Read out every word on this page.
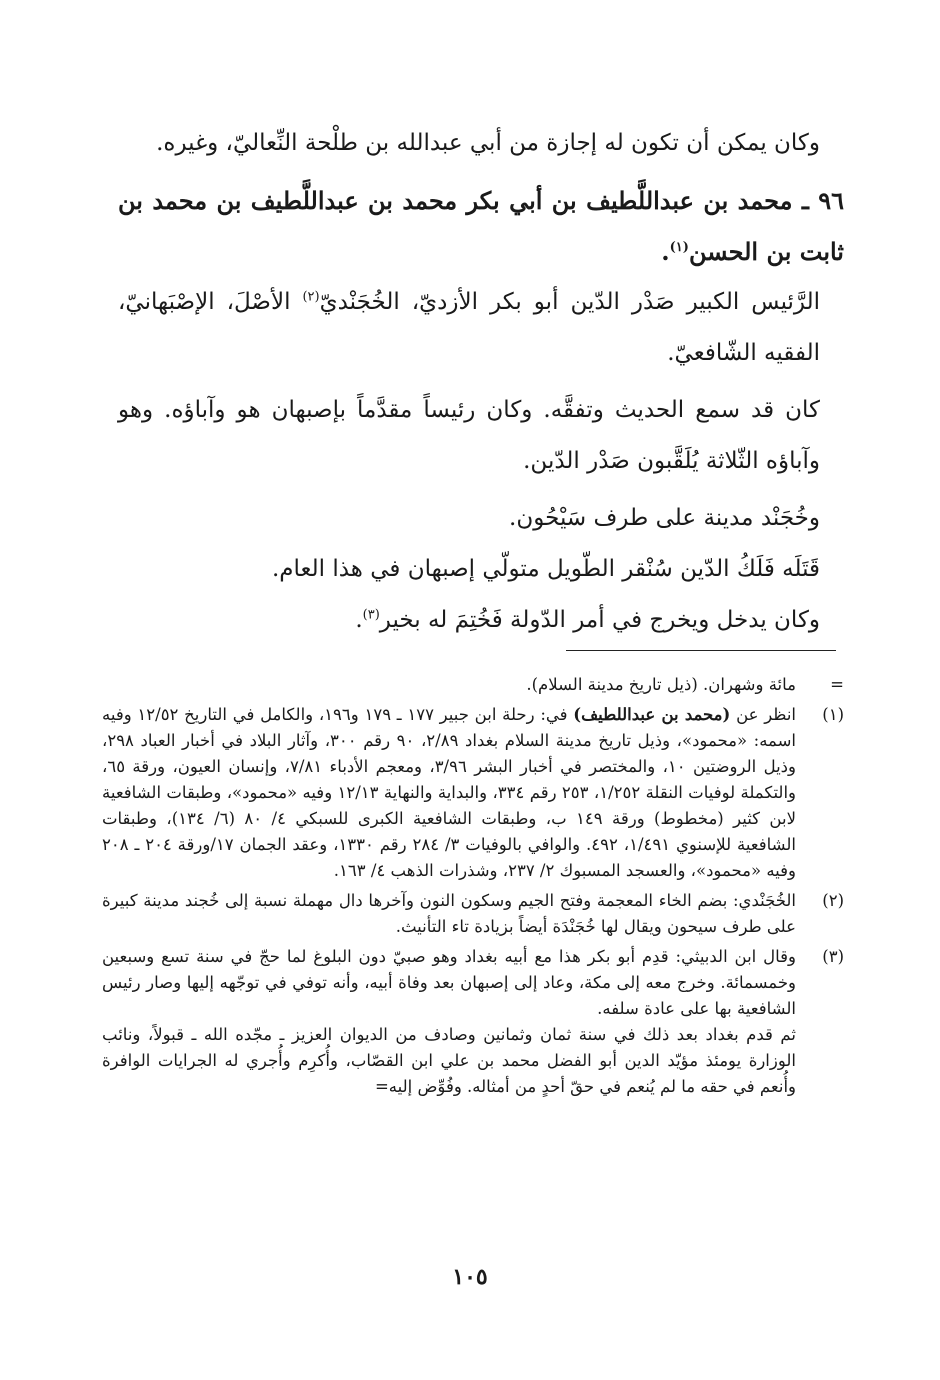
وكان يمكن أن تكون له إجازة من أبي عبدالله بن طلْحة النِّعاليّ، وغيره.

٩٦ ـ محمد بن عبداللَّطيف بن أبي بكر محمد بن عبداللَّطيف بن محمد بن ثابت بن الحسن$^{(١)}$.

الرَّئيس الكبير صَدْر الدّين أبو بكر الأزديّ، الخُجَنْديّ$^{(٢)}$ الأصْلَ، الإصْبَهانيّ، الفقيه الشّافعيّ.

كان قد سمع الحديث وتفقَّه. وكان رئيساً مقدَّماً بإصبهان هو وآباؤه. وهو وآباؤه الثّلاثة يُلَقَّبون صَدْر الدّين.

وخُجَنْد مدينة على طرف سَيْحُون.

قَتَلَه فَلَكُ الدّين سُنْقر الطّويل متولّي إصبهان في هذا العام.

وكان يدخل ويخرج في أمر الدّولة فَخُتِمَ له بخير$^{(٣)}$.

=
مائة وشهران. (ذيل تاريخ مدينة السلام).
(١)
انظر عن (محمد بن عبداللطيف) في: رحلة ابن جبير ١٧٧ ـ ١٧٩ و١٩٦، والكامل في التاريخ ١٢/٥٢ وفيه اسمه: «محمود»، وذيل تاريخ مدينة السلام بغداد ٢/٨٩، ٩٠ رقم ٣٠٠، وآثار البلاد في أخبار العباد ٢٩٨، وذيل الروضتين ١٠، والمختصر في أخبار البشر ٣/٩٦، ومعجم الأدباء ٧/٨١، وإنسان العيون، ورقة ٦٥، والتكملة لوفيات النقلة ١/٢٥٢، ٢٥٣ رقم ٣٣٤، والبداية والنهاية ١٢/١٣ وفيه «محمود»، وطبقات الشافعية لابن كثير (مخطوط) ورقة ١٤٩ ب، وطبقات الشافعية الكبرى للسبكي ٤/ ٨٠ (٦/ ١٣٤)، وطبقات الشافعية للإسنوي ١/٤٩١، ٤٩٢. والوافي بالوفيات ٣/ ٢٨٤ رقم ١٣٣٠، وعقد الجمان ١٧/ورقة ٢٠٤ ـ ٢٠٨ وفيه «محمود»، والعسجد المسبوك ٢/ ٢٣٧، وشذرات الذهب ٤/ ١٦٣.
(٢)
الخُجَنْدي: بضم الخاء المعجمة وفتح الجيم وسكون النون وآخرها دال مهملة نسبة إلى خُجند مدينة كبيرة على طرف سيحون ويقال لها خُجَنْدَة أيضاً بزيادة تاء التأنيث.
(٣)
وقال ابن الدبيثي: قدِم أبو بكر هذا مع أبيه بغداد وهو صبيّ دون البلوغ لما حجّ في سنة تسع وسبعين وخمسمائة. وخرج معه إلى مكة، وعاد إلى إصبهان بعد وفاة أبيه، وأنه توفي في توجّهه إليها وصار رئيس الشافعية بها على عادة سلفه.
ثم قدم بغداد بعد ذلك في سنة ثمان وثمانين وصادف من الديوان العزيز ـ مجّده الله ـ قبولاً، ونائب الوزارة يومئذ مؤيّد الدين أبو الفضل محمد بن علي ابن القصّاب، وأُكرِم وأُجري له الجرايات الوافرة وأُنعم في حقه ما لم يُنعم في حقّ أحدٍ من أمثاله. وفُوِّض إليه=
١٠٥
